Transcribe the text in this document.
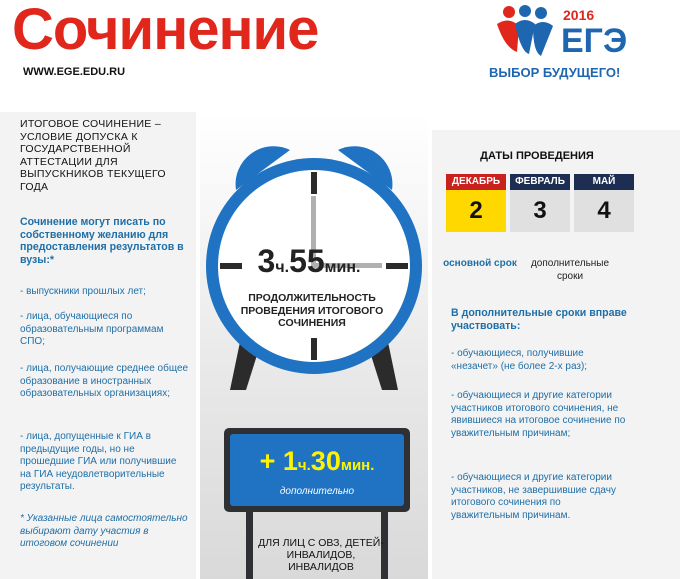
Сочинение
WWW.EGE.EDU.RU
2016
ЕГЭ
ВЫБОР БУДУЩЕГО!
ИТОГОВОЕ СОЧИНЕНИЕ – УСЛОВИЕ ДОПУСКА К ГОСУДАРСТВЕННОЙ АТТЕСТАЦИИ ДЛЯ ВЫПУСКНИКОВ ТЕКУЩЕГО ГОДА
Сочинение могут писать по собственному желанию для предоставления результатов в вузы:*
- выпускники прошлых лет;
- лица, обучающиеся по образовательным программам СПО;
- лица, получающие среднее общее образование в иностранных образовательных организациях;
- лица, допущенные к ГИА в предыдущие годы, но не прошедшие ГИА или получившие на ГИА неудовлетворительные результаты.
* Указанные лица самостоятельно выбирают дату участия в итоговом сочинении
3ч.55мин.
ПРОДОЛЖИТЕЛЬНОСТЬ ПРОВЕДЕНИЯ ИТОГОВОГО СОЧИНЕНИЯ
+ 1ч.30мин.
дополнительно
ДЛЯ ЛИЦ С ОВЗ, ДЕТЕЙ-ИНВАЛИДОВ, ИНВАЛИДОВ
ДАТЫ ПРОВЕДЕНИЯ
ДЕКАБРЬ
2
ФЕВРАЛЬ
3
МАЙ
4
основной срок	дополнительные сроки
В дополнительные сроки вправе участвовать:
- обучающиеся, получившие «незачет» (не более 2-х раз);
- обучающиеся и другие категории участников итогового сочинения, не явившиеся на итоговое сочинение по уважительным причинам;
- обучающиеся и другие категории участников, не завершившие сдачу итогового сочинения по уважительным причинам.
